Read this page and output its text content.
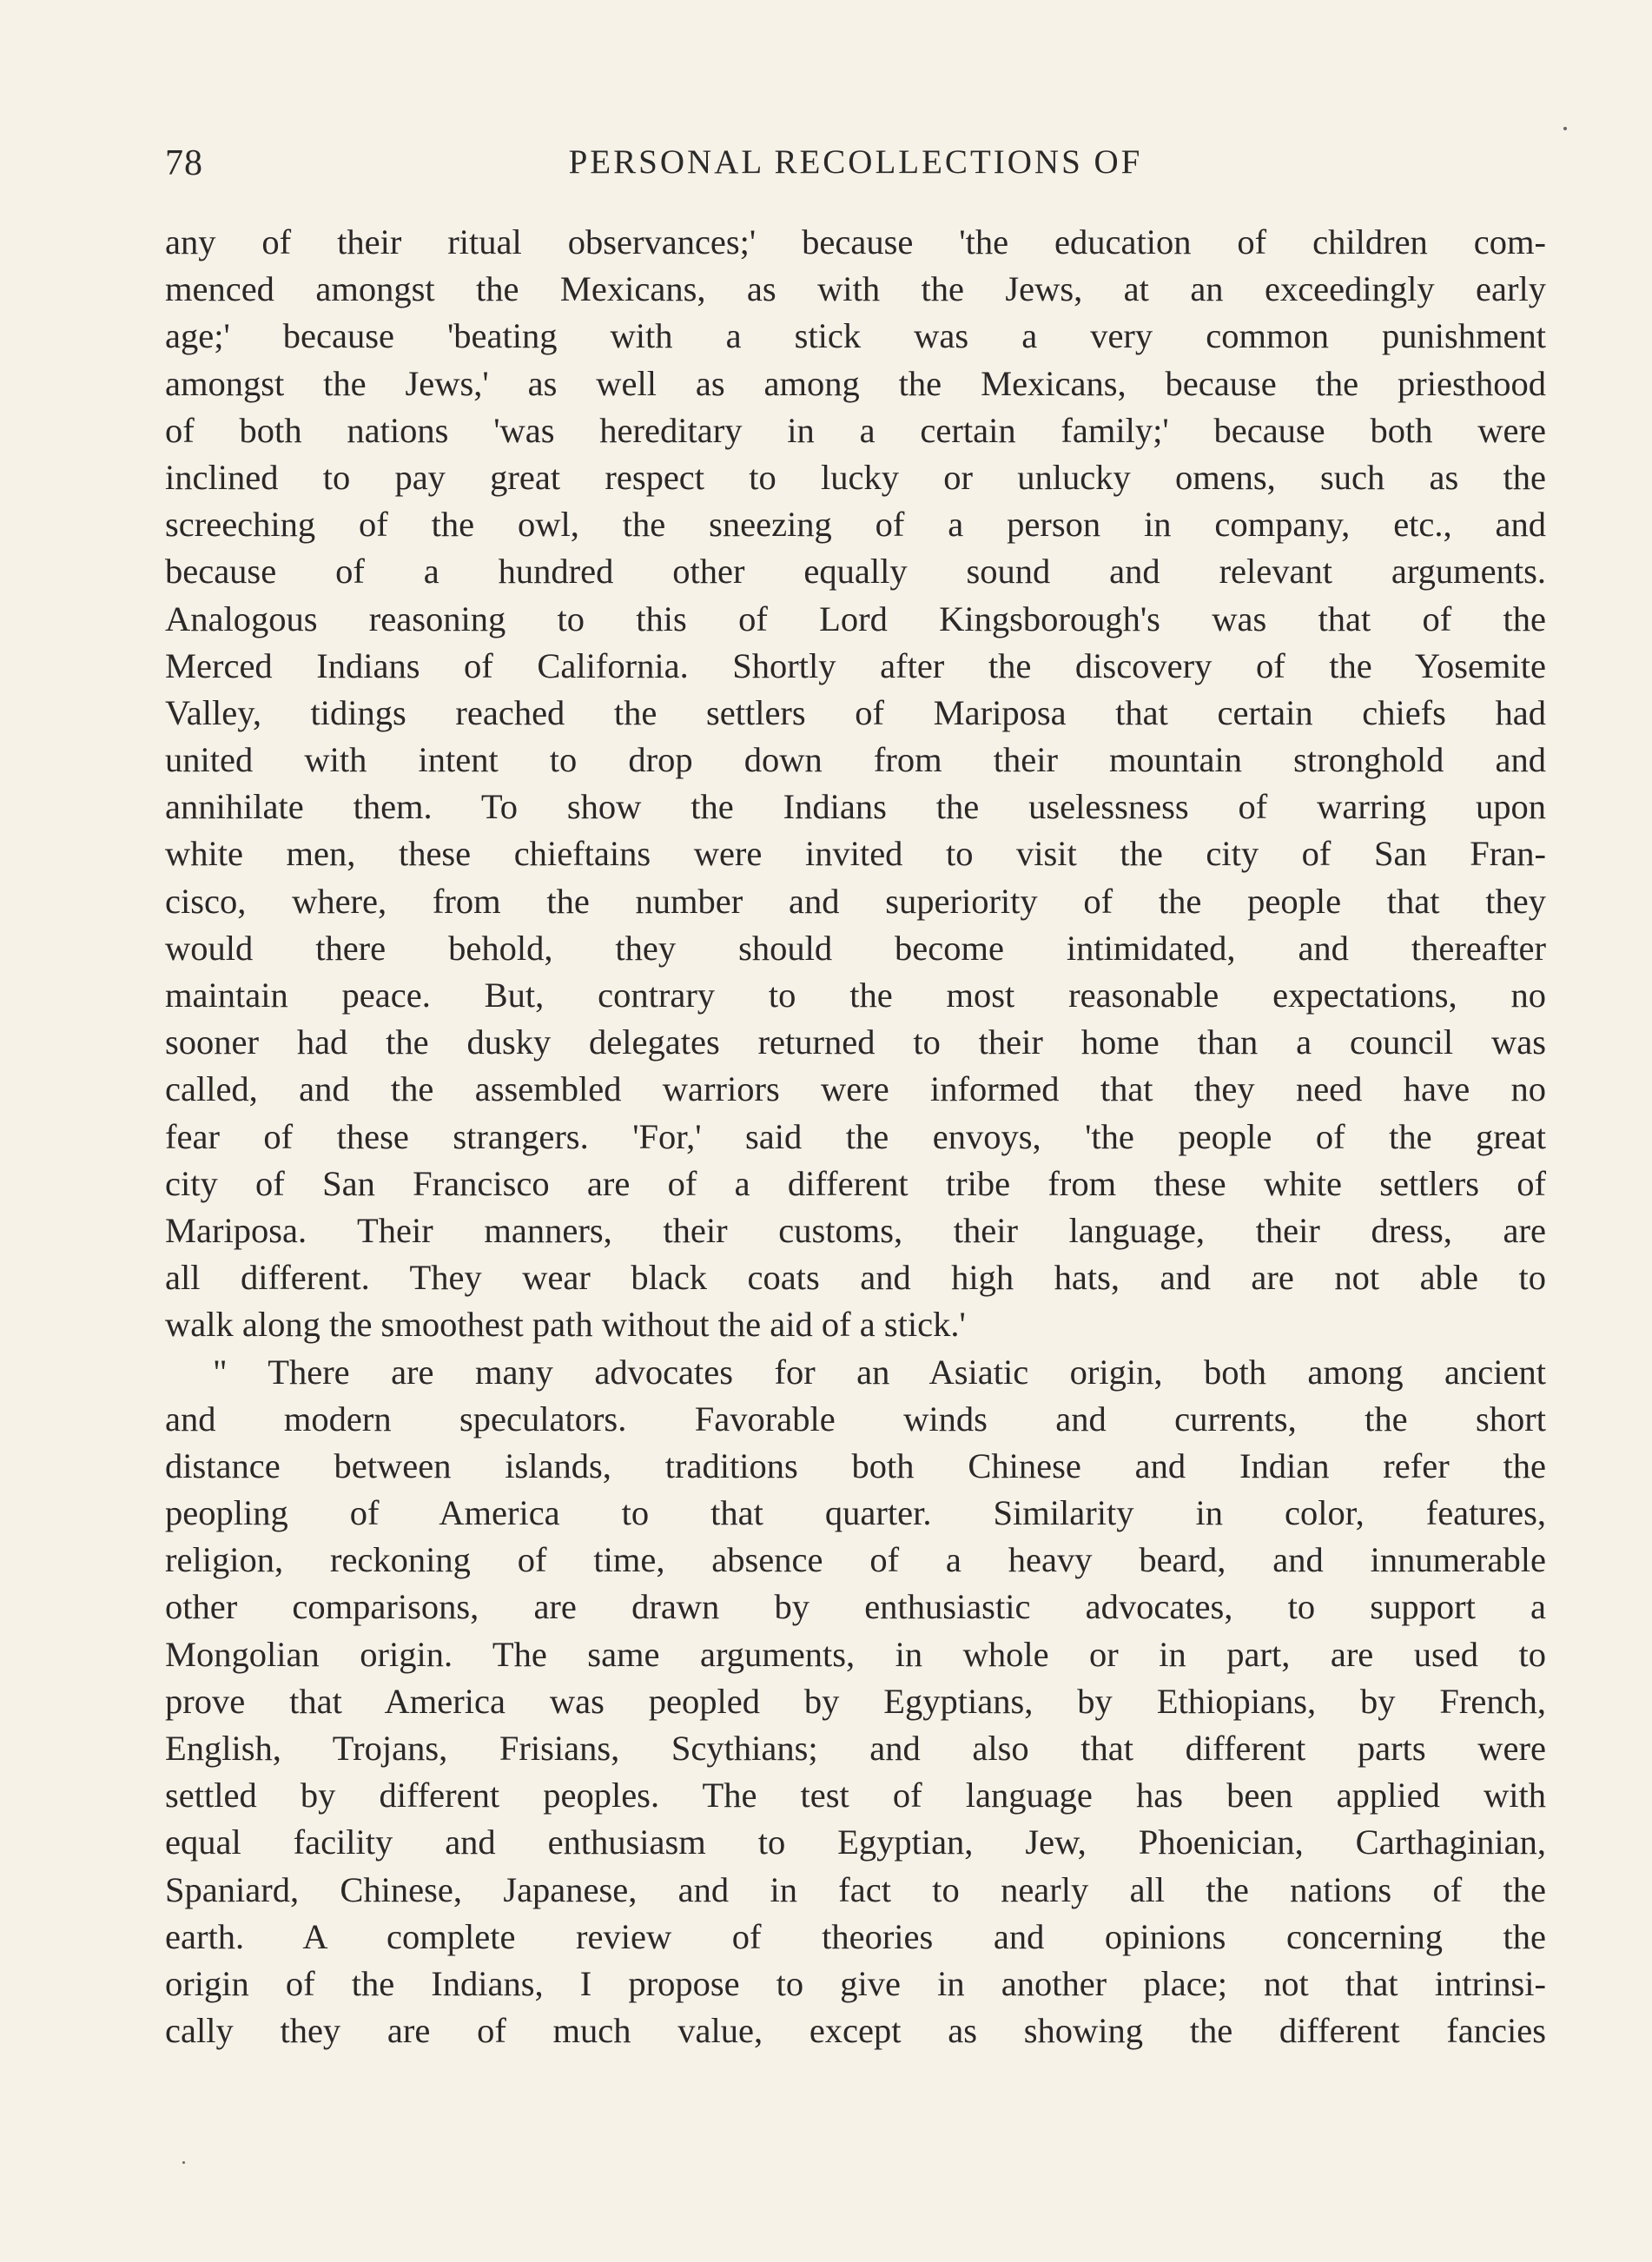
78	PERSONAL RECOLLECTIONS OF
any of their ritual observances;' because 'the education of children com-
menced amongst the Mexicans, as with the Jews, at an exceedingly early
age;' because 'beating with a stick was a very common punishment
amongst the Jews,' as well as among the Mexicans, because the priesthood
of both nations 'was hereditary in a certain family;' because both were
inclined to pay great respect to lucky or unlucky omens, such as the
screeching of the owl, the sneezing of a person in company, etc., and
because of a hundred other equally sound and relevant arguments.
Analogous reasoning to this of Lord Kingsborough's was that of the
Merced Indians of California. Shortly after the discovery of the Yosemite
Valley, tidings reached the settlers of Mariposa that certain chiefs had
united with intent to drop down from their mountain stronghold and
annihilate them. To show the Indians the uselessness of warring upon
white men, these chieftains were invited to visit the city of San Fran-
cisco, where, from the number and superiority of the people that they
would there behold, they should become intimidated, and thereafter
maintain peace. But, contrary to the most reasonable expectations, no
sooner had the dusky delegates returned to their home than a council was
called, and the assembled warriors were informed that they need have no
fear of these strangers. 'For,' said the envoys, 'the people of the great
city of San Francisco are of a different tribe from these white settlers of
Mariposa. Their manners, their customs, their language, their dress, are
all different. They wear black coats and high hats, and are not able to
walk along the smoothest path without the aid of a stick.'
" There are many advocates for an Asiatic origin, both among ancient
and modern speculators. Favorable winds and currents, the short
distance between islands, traditions both Chinese and Indian refer the
peopling of America to that quarter. Similarity in color, features,
religion, reckoning of time, absence of a heavy beard, and innumerable
other comparisons, are drawn by enthusiastic advocates, to support a
Mongolian origin. The same arguments, in whole or in part, are used to
prove that America was peopled by Egyptians, by Ethiopians, by French,
English, Trojans, Frisians, Scythians; and also that different parts were
settled by different peoples. The test of language has been applied with
equal facility and enthusiasm to Egyptian, Jew, Phoenician, Carthaginian,
Spaniard, Chinese, Japanese, and in fact to nearly all the nations of the
earth. A complete review of theories and opinions concerning the
origin of the Indians, I propose to give in another place; not that intrinsi-
cally they are of much value, except as showing the different fancies
